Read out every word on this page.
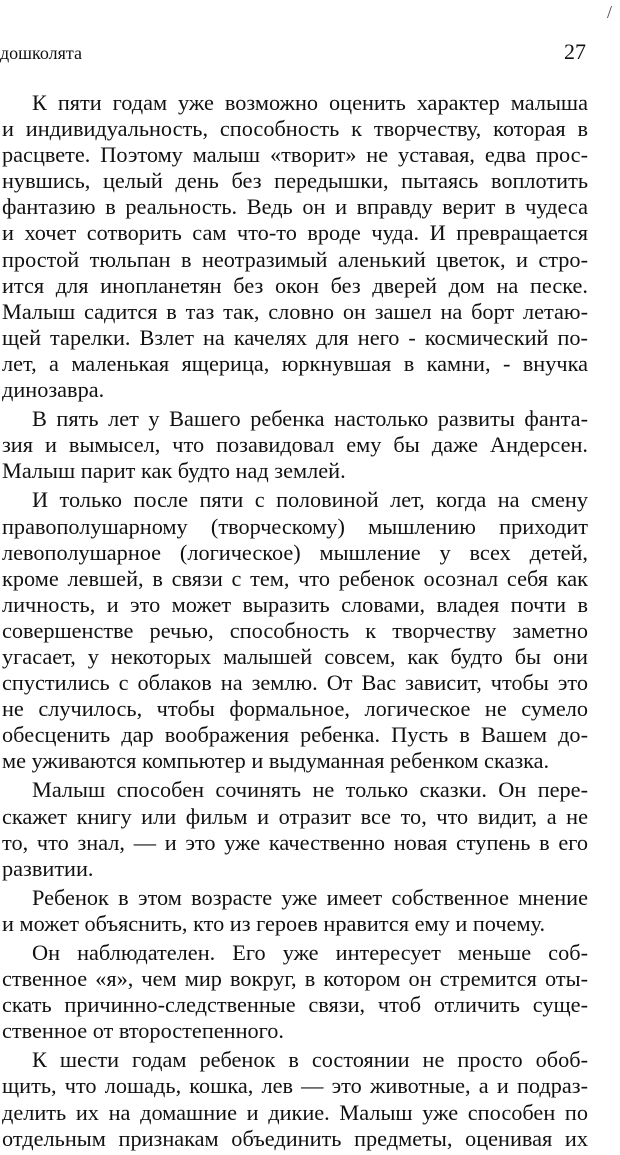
/
дошколята	27
К пяти годам уже возможно оценить характер малыша
и индивидуальность, способность к творчеству, которая в
расцвете. Поэтому малыш «творит» не уставая, едва прос-
нувшись, целый день без передышки, пытаясь воплотить
фантазию в реальность. Ведь он и вправду верит в чудеса
и хочет сотворить сам что-то вроде чуда. И превращается
простой тюльпан в неотразимый аленький цветок, и стро-
ится для инопланетян без окон без дверей дом на песке.
Малыш садится в таз так, словно он зашел на борт летаю-
щей тарелки. Взлет на качелях для него - космический по-
лет, а маленькая ящерица, юркнувшая в камни, - внучка
динозавра.
В пять лет у Вашего ребенка настолько развиты фанта-
зия и вымысел, что позавидовал ему бы даже Андерсен.
Малыш парит как будто над землей.
И только после пяти с половиной лет, когда на смену
правополушарному (творческому) мышлению приходит
левополушарное (логическое) мышление у всех детей,
кроме левшей, в связи с тем, что ребенок осознал себя как
личность, и это может выразить словами, владея почти в
совершенстве речью, способность к творчеству заметно
угасает, у некоторых малышей совсем, как будто бы они
спустились с облаков на землю. От Вас зависит, чтобы это
не случилось, чтобы формальное, логическое не сумело
обесценить дар воображения ребенка. Пусть в Вашем до-
ме уживаются компьютер и выдуманная ребенком сказка.
Малыш способен сочинять не только сказки. Он пере-
скажет книгу или фильм и отразит все то, что видит, а не
то, что знал, — и это уже качественно новая ступень в его
развитии.
Ребенок в этом возрасте уже имеет собственное мнение
и может объяснить, кто из героев нравится ему и почему.
Он наблюдателен. Его уже интересует меньше соб-
ственное «я», чем мир вокруг, в котором он стремится оты-
скать причинно-следственные связи, чтоб отличить суще-
ственное от второстепенного.
К шести годам ребенок в состоянии не просто обоб-
щить, что лошадь, кошка, лев — это животные, а и подраз-
делить их на домашние и дикие. Малыш уже способен по
отдельным признакам объединить предметы, оценивая их
